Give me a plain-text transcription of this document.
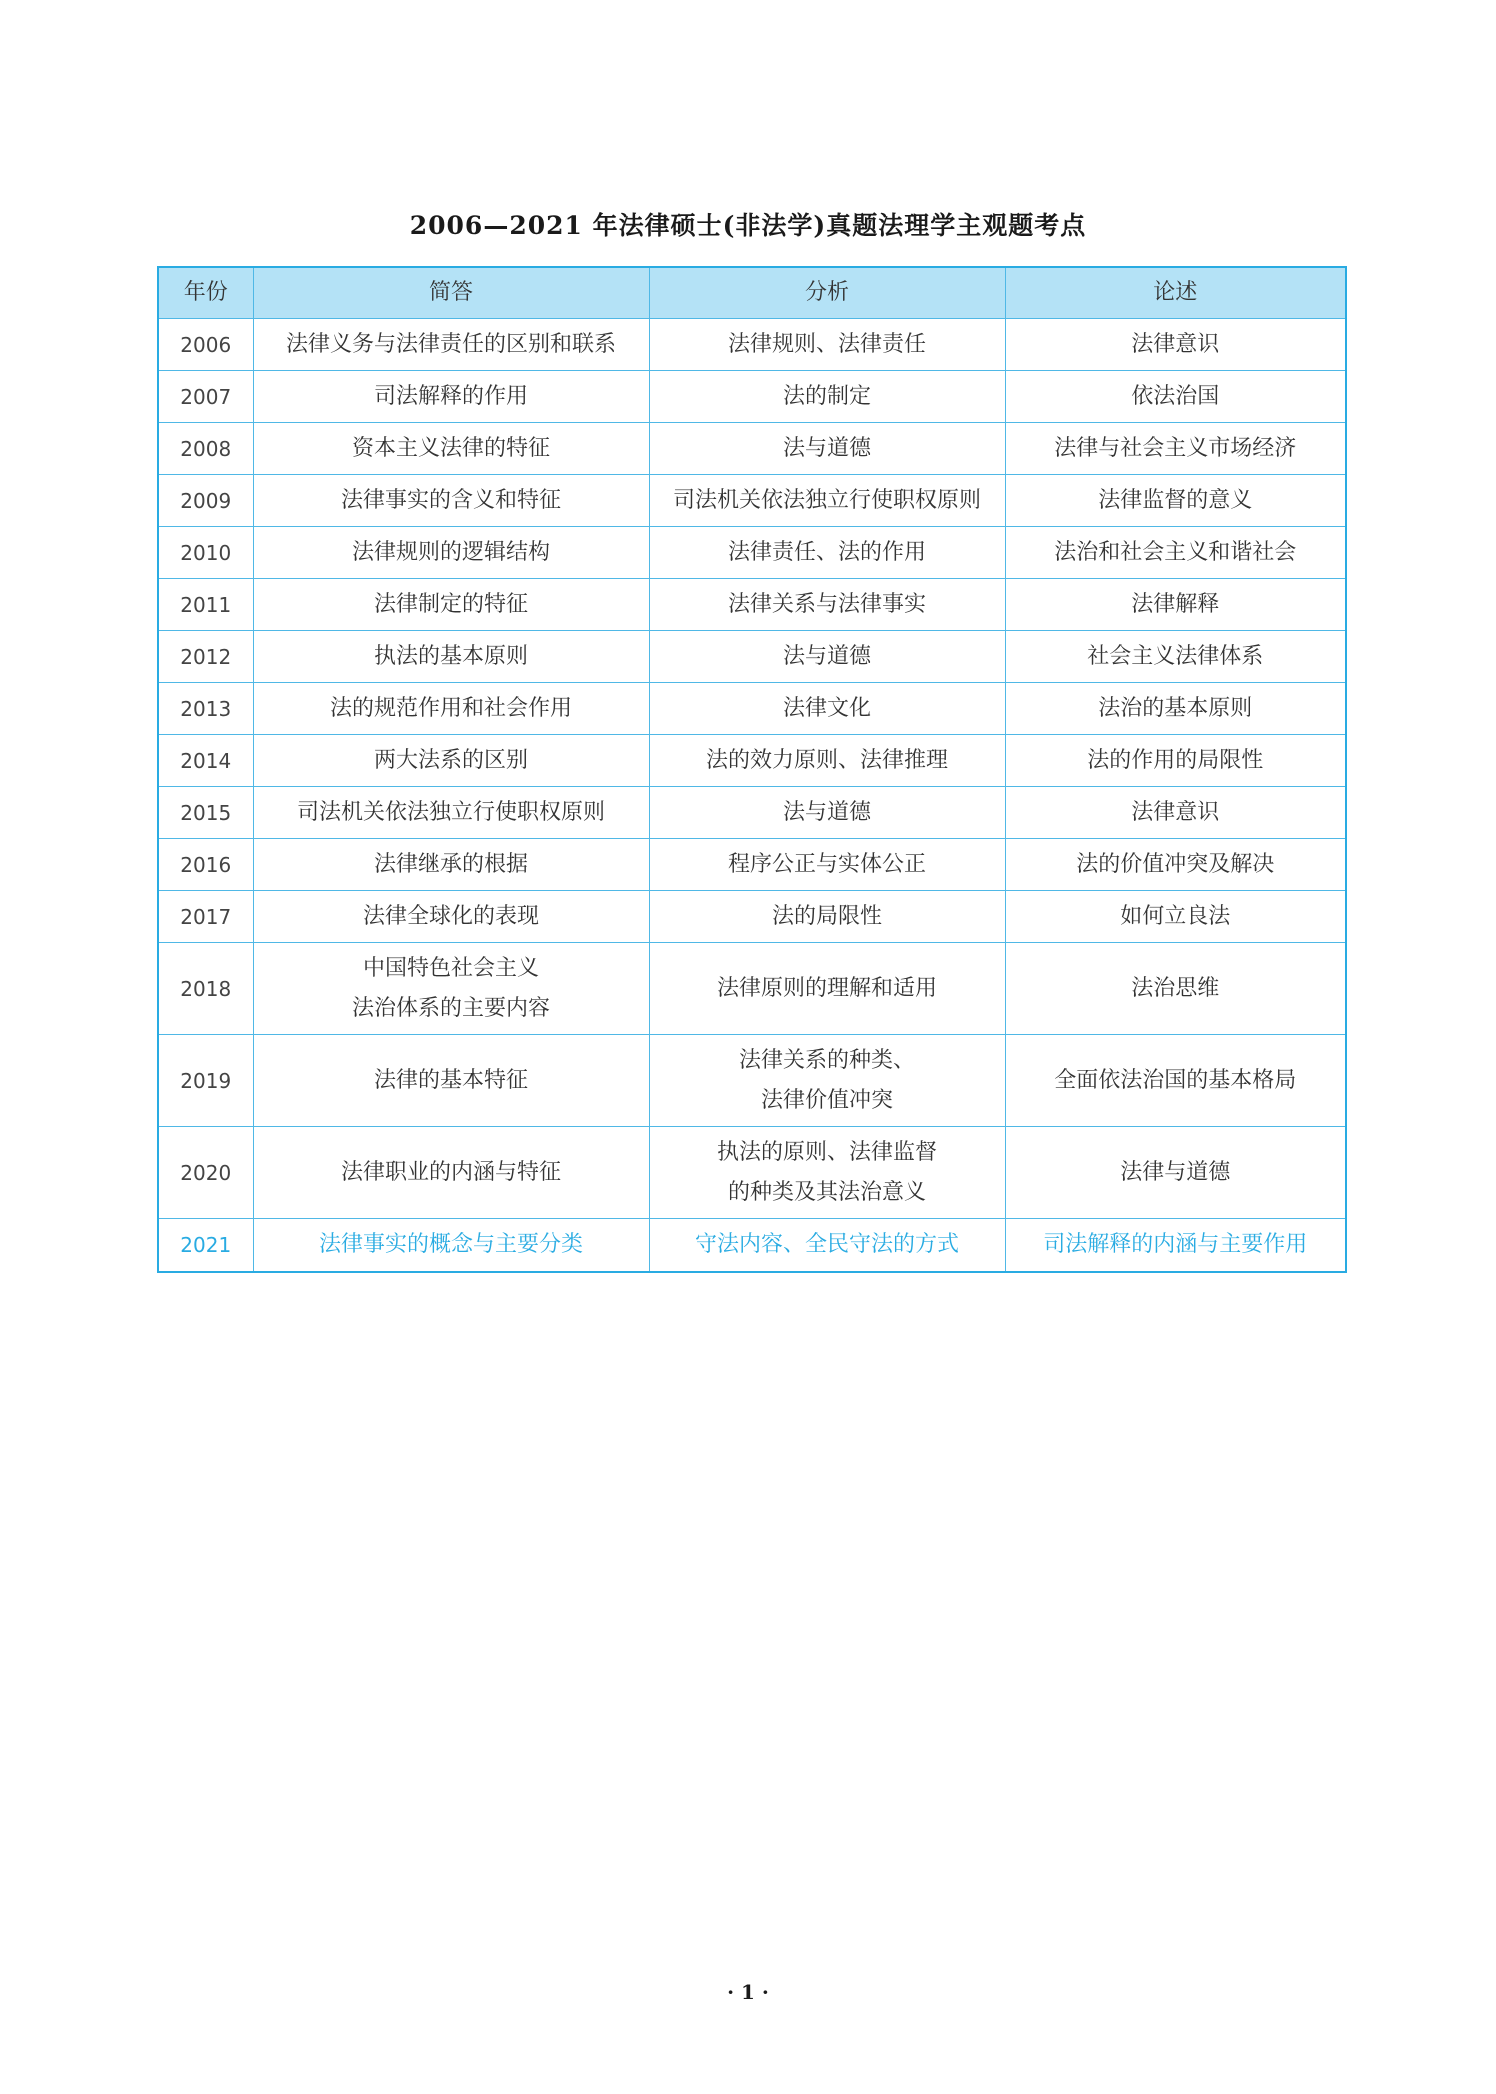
2006—2021 年法律硕士(非法学)真题法理学主观题考点
年份	简答	分析	论述
2006	法律义务与法律责任的区别和联系	法律规则、法律责任	法律意识

2007	司法解释的作用	法的制定	依法治国

2008	资本主义法律的特征	法与道德	法律与社会主义市场经济

2009	法律事实的含义和特征	司法机关依法独立行使职权原则	法律监督的意义

2010	法律规则的逻辑结构	法律责任、法的作用	法治和社会主义和谐社会

2011	法律制定的特征	法律关系与法律事实	法律解释

2012	执法的基本原则	法与道德	社会主义法律体系

2013	法的规范作用和社会作用	法律文化	法治的基本原则

2014	两大法系的区别	法的效力原则、法律推理	法的作用的局限性

2015	司法机关依法独立行使职权原则	法与道德	法律意识

2016	法律继承的根据	程序公正与实体公正	法的价值冲突及解决

2017	法律全球化的表现	法的局限性	如何立良法

2018	中国特色社会主义
法治体系的主要内容	法律原则的理解和适用	法治思维

2019	法律的基本特征	法律关系的种类、
法律价值冲突	全面依法治国的基本格局

2020	法律职业的内涵与特征	执法的原则、法律监督
的种类及其法治意义	法律与道德

2021	法律事实的概念与主要分类	守法内容、全民守法的方式	司法解释的内涵与主要作用
· 1 ·
